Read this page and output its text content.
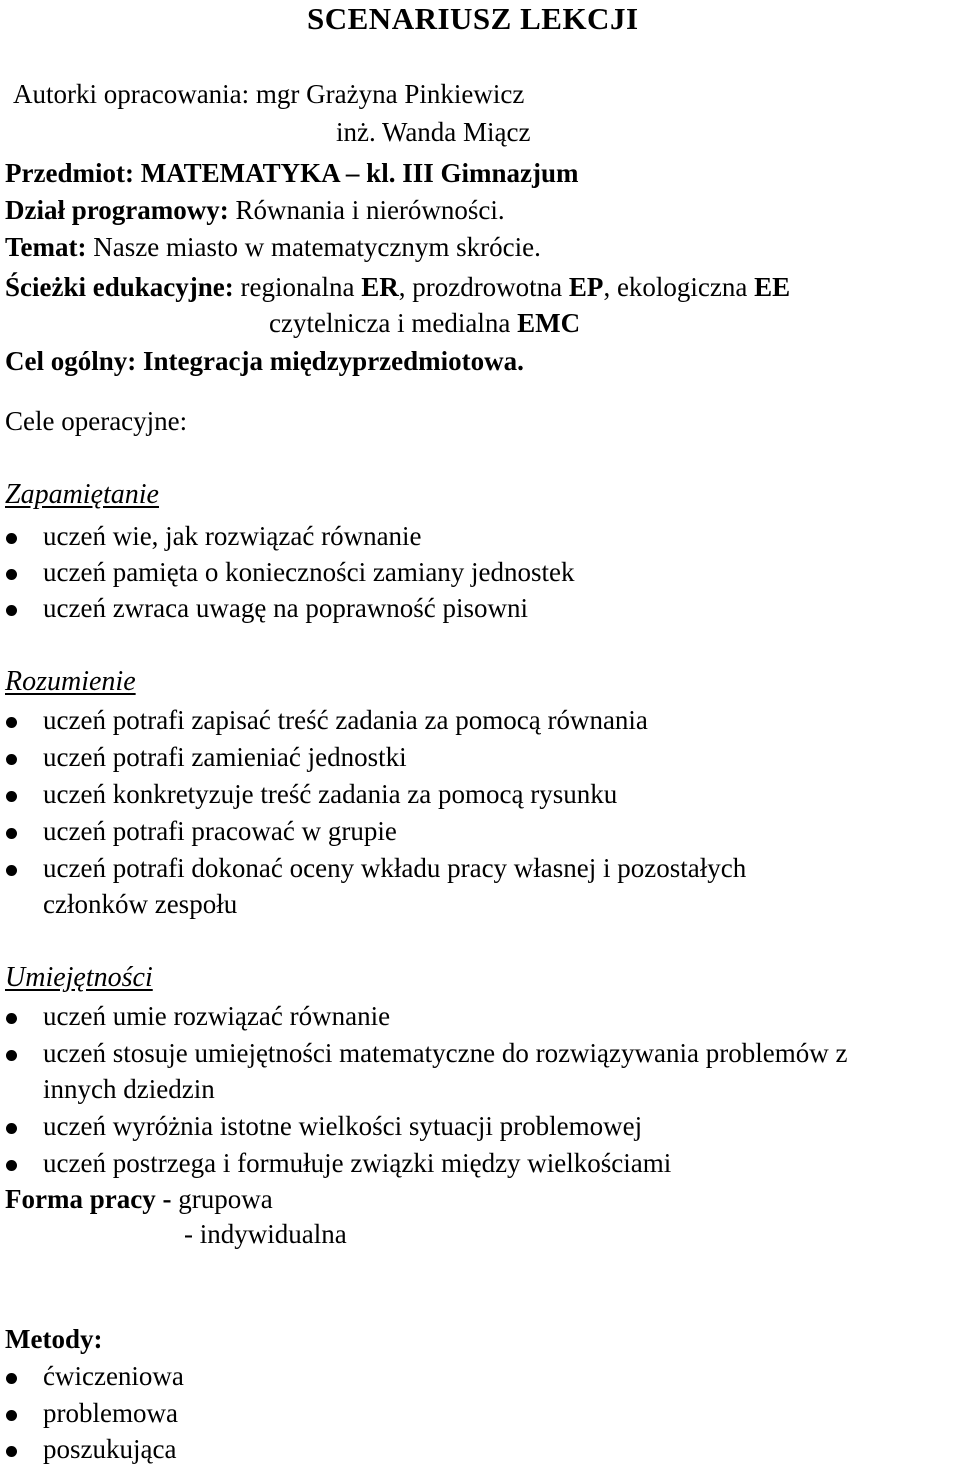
SCENARIUSZ LEKCJI
Autorki opracowania: mgr Grażyna Pinkiewicz
inż. Wanda Miącz
Przedmiot: MATEMATYKA – kl. III Gimnazjum
Dział programowy: Równania i nierówności.
Temat: Nasze miasto w matematycznym skrócie.
Ścieżki edukacyjne: regionalna ER, prozdrowotna EP, ekologiczna EE
czytelnicza i medialna EMC
Cel ogólny: Integracja międzyprzedmiotowa.
Cele operacyjne:
Zapamiętanie
uczeń wie, jak rozwiązać równanie
uczeń pamięta o konieczności zamiany jednostek
uczeń zwraca uwagę na poprawność pisowni
Rozumienie
uczeń potrafi zapisać treść zadania za pomocą równania
uczeń potrafi zamieniać jednostki
uczeń konkretyzuje treść zadania za pomocą rysunku
uczeń potrafi pracować w grupie
uczeń potrafi dokonać oceny wkładu pracy własnej i pozostałych
członków zespołu
Umiejętności
uczeń umie rozwiązać równanie
uczeń stosuje umiejętności matematyczne do rozwiązywania problemów z
innych dziedzin
uczeń wyróżnia istotne wielkości sytuacji problemowej
uczeń postrzega i formułuje związki między wielkościami
Forma pracy - grupowa
- indywidualna
Metody:
ćwiczeniowa
problemowa
poszukująca
